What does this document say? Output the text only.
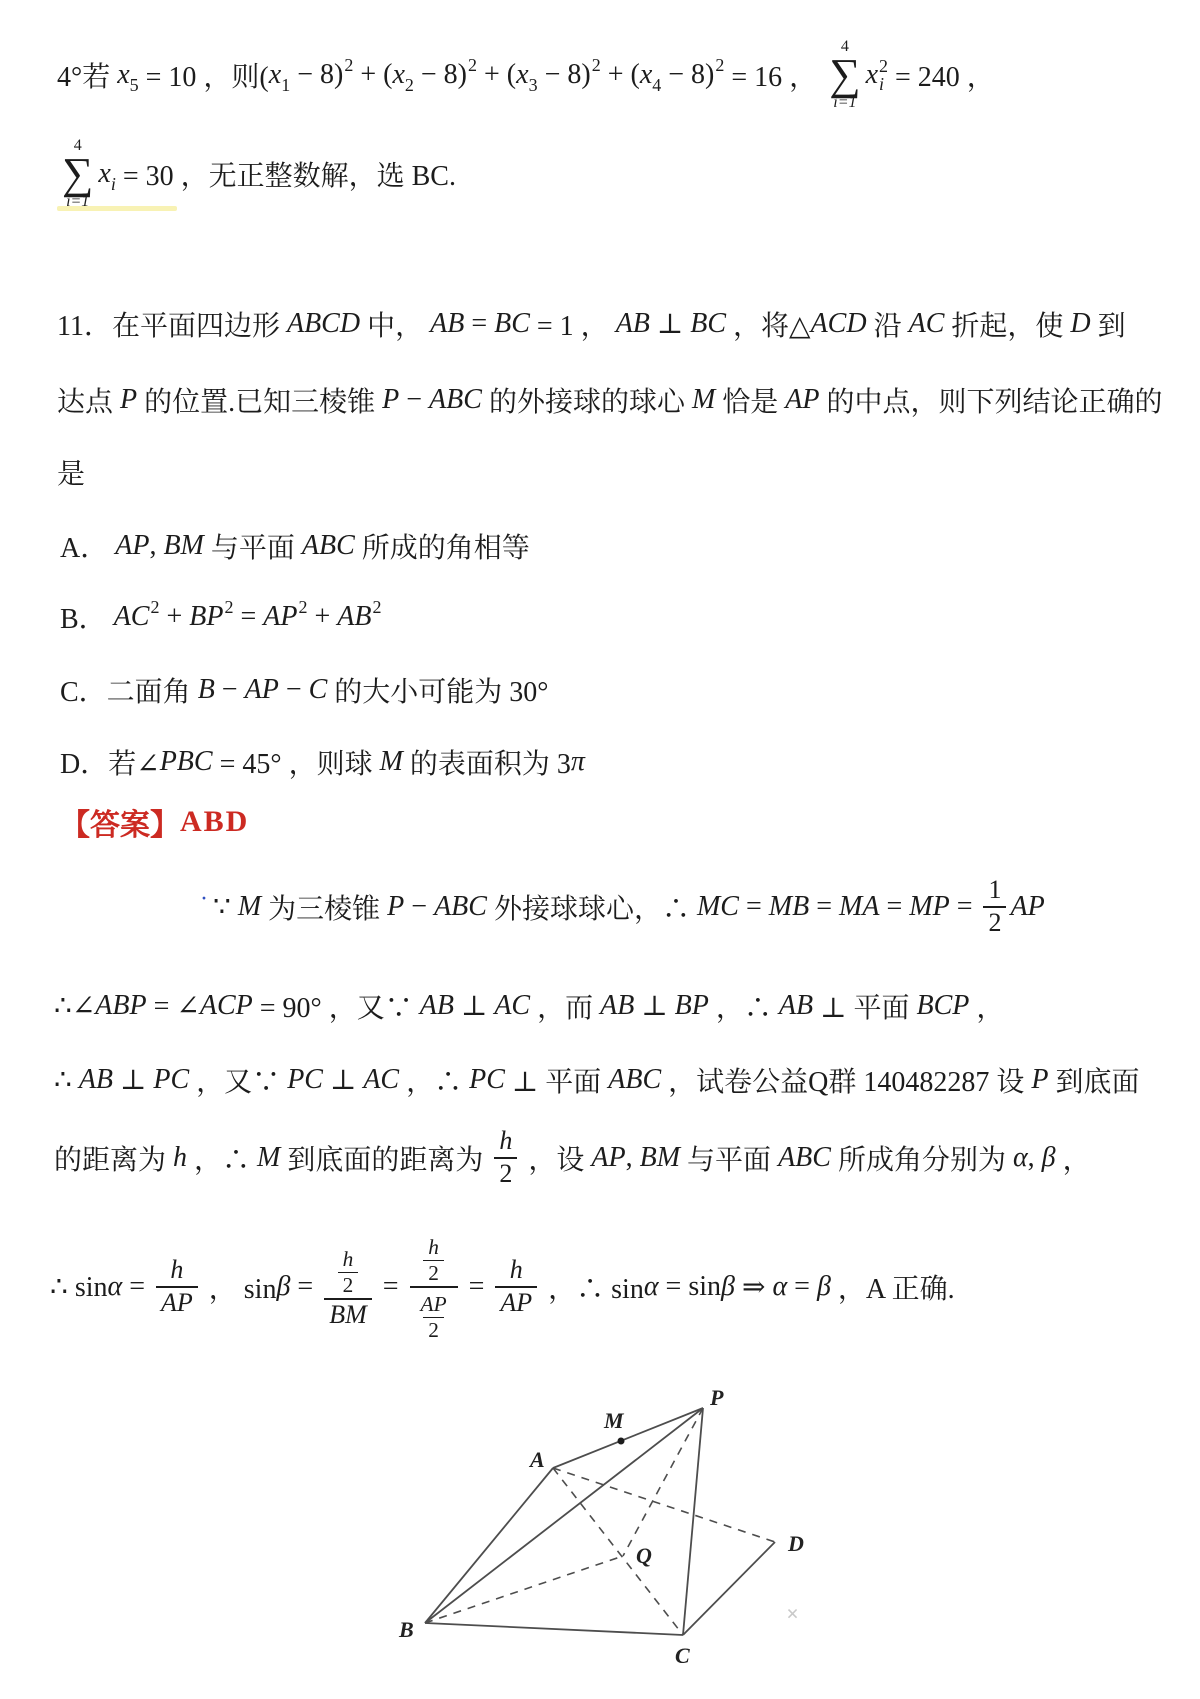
4°若 x 5 = 10 ，则( x 1 − 8) 2 + ( x 2 − 8) 2 + ( x 3 − 8) 2 + ( x 4 − 8) 2 = 16 ，
4
∑
i=1
x 2
i = 240 ，
4
∑
i=1
x i = 30 ，无正整数解，选 BC.
11．在平面四边形 ABCD 中， AB = BC = 1 ， AB ⊥ BC ，将△ ACD 沿 AC 折起，使 D 到
达点 P 的位置.已知三棱锥 P − ABC 的外接球的球心 M 恰是 AP 的中点，则下列结论正确的
是
A． AP , BM 与平面 ABC 所成的角相等
B． AC 2 + BP 2 = AP 2 + AB 2
C．二面角 B − AP − C 的大小可能为 30°
D．若∠ PBC = 45° ，则球 M 的表面积为 3 π
【答案】 ABD
· ∵ M 为三棱锥 P − ABC 外接球球心，∴ MC = MB = MA = MP = $\frac{1}{2}$ AP
∴∠ ABP = ∠ ACP = 90° ，又∵ AB ⊥ AC ，而 AB ⊥ BP ，∴ AB ⊥ 平面 BCP ，
∴ AB ⊥ PC ，又∵ PC ⊥ AC ，∴ PC ⊥ 平面 ABC ，试卷公益Q群 140482287 设 P 到底面
的距离为 h ，∴ M 到底面的距离为 $\frac{h}{2}$ ，设 AP , BM 与平面 ABC 所成角分别为 α , β ，
∴ $\sin \alpha = \frac{h}{AP}$ ， $\sin \beta = \frac{\frac{h}{2}}{BM} = \frac{\frac{h}{2}}{\frac{AP}{2}} = \frac{h}{AP}$ ，∴ sin α = sin β ⇒ α = β ，A 正确.
P
M
A
D
Q
B
C
×
